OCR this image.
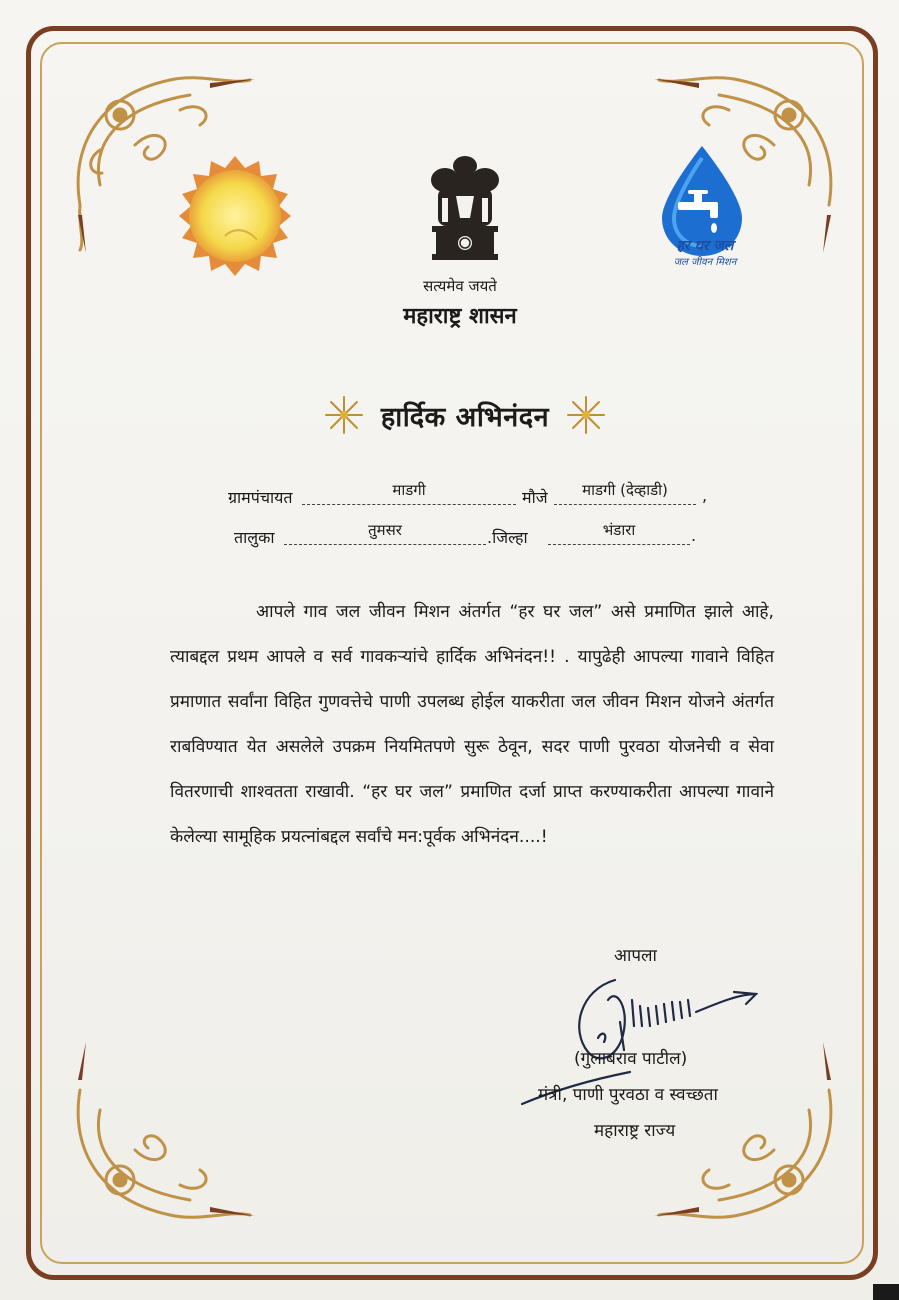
सत्यमेव जयते
महाराष्ट्र शासन
हर घर जल
जल जीवन मिशन
हार्दिक अभिनंदन
ग्रामपंचायत	माडगी	मौजे	माडगी (देव्हाडी)	,
तालुका	तुमसर	.जिल्हा	भंडारा	.

आपले गाव जल जीवन मिशन अंतर्गत “हर घर जल” असे प्रमाणित झाले आहे, त्याबद्दल प्रथम आपले व सर्व गावकऱ्यांचे हार्दिक अभिनंदन!! . यापुढेही आपल्या गावाने विहित प्रमाणात सर्वांना विहित गुणवत्तेचे पाणी उपलब्ध होईल याकरीता जल जीवन मिशन योजने अंतर्गत राबविण्यात येत असलेले उपक्रम नियमितपणे सुरू ठेवून, सदर पाणी पुरवठा योजनेची व सेवा वितरणाची शाश्वतता राखावी. “हर घर जल” प्रमाणित दर्जा प्राप्त करण्याकरीता आपल्या गावाने केलेल्या सामूहिक प्रयत्नांबद्दल सर्वांचे मन:पूर्वक अभिनंदन....!

आपला
(गुलाबराव पाटील)
मंत्री, पाणी पुरवठा व स्वच्छता
महाराष्ट्र राज्य
